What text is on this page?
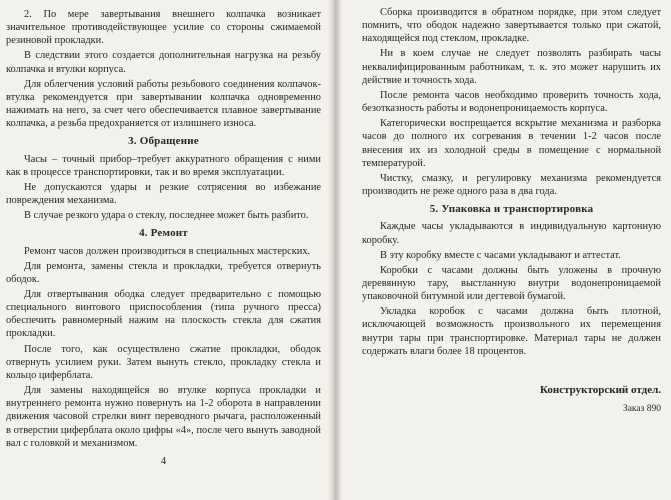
2. По мере завертывания внешнего колпачка возникает значительное противодействующее усилие со стороны сжимаемой резиновой прокладки.

В следствии этого создается дополнительная нагрузка на резьбу колпачка и втулки корпуса.

Для облегчения условий работы резьбового соединения колпачок-втулка рекомендуется при завертывании колпачка одновременно нажимать на него, за счет чего обеспечивается плавное завертывание колпачка, а резьба предохраняется от излишнего износа.

3. Обращение

Часы – точный прибор–требует аккуратного обращения с ними как в процессе транспортировки, так и во время эксплуатации.

Не допускаются удары и резкие сотрясения во избежание повреждения механизма.

В случае резкого удара о стеклу, последнее может быть разбито.

4. Ремонт

Ремонт часов должен производиться в специальных мастерских.

Для ремонта, замены стекла и прокладки, требуется отвернуть ободок.

Для отвертывания ободка следует предварительно с помощью специального винтового приспособления (типа ручного пресса) обеспечить равномерный нажим на плоскость стекла для сжатия прокладки.

После того, как осуществлено сжатие прокладки, ободок отвернуть усилием руки. Затем вынуть стекло, прокладку стекла и кольцо циферблата.

Для замены находящейся во втулке корпуса прокладки и внутреннего ремонта нужно повернуть на 1-2 оборота в направлении движения часовой стрелки винт переводного рычага, расположенный в отверстии циферблата около цифры «4», после чего вынуть заводной вал с головкой и механизмом.

4

Сборка производится в обратном порядке, при этом следует помнить, что ободок надежно завертывается только при сжатой, находящейся под стеклом, прокладке.

Ни в коем случае не следует позволять разбирать часы неквалифицированным работникам, т. к. это может нарушить их действие и точность хода.

После ремонта часов необходимо проверить точность хода, безотказность работы и водонепроницаемость корпуса.

Категорически воспрещается вскрытие механизма и разборка часов до полного их согревания в течении 1-2 часов после внесения их из холодной среды в помещение с нормальной температурой.

Чистку, смазку, и регулировку механизма рекомендуется производить не реже одного раза в два года.

5. Упаковка и транспортировка

Каждые часы укладываются в индивидуальную картонную коробку.

В эту коробку вместе с часами укладывают и аттестат.

Коробки с часами должны быть уложены в прочную деревянную тару, выстланную внутри водонепроницаемой упаковочной битумной или дегтевой бумагой.

Укладка коробок с часами должна быть плотной, исключающей возможность произвольного их перемещения внутри тары при транспортировке. Материал тары не должен содержать влаги более 18 процентов.

Конструкторский отдел.
Заказ 890
